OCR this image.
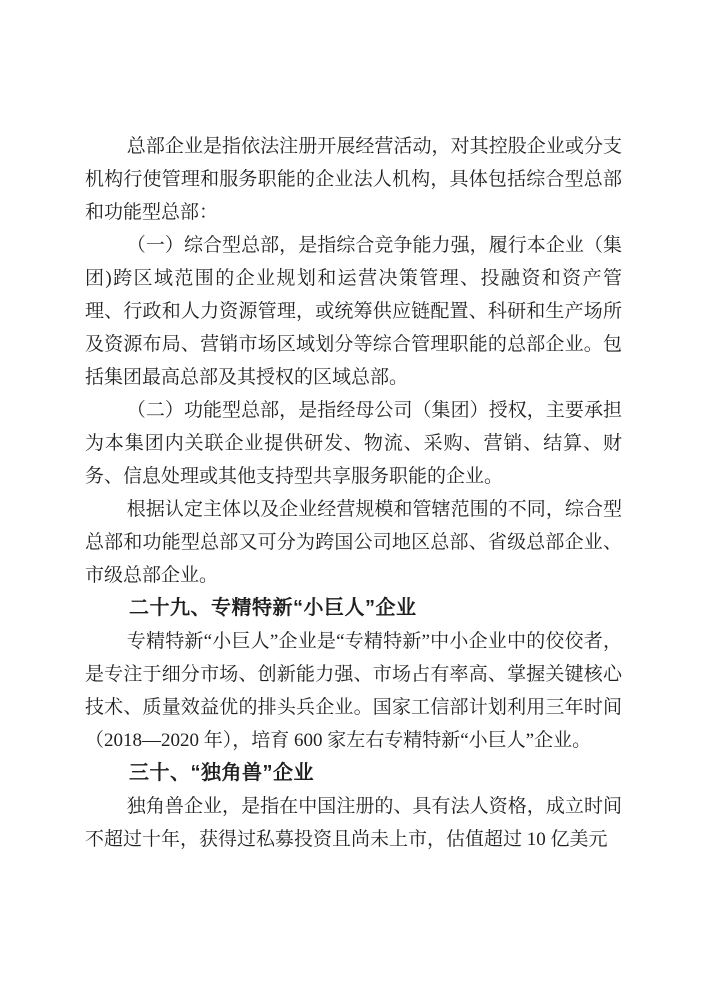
总部企业是指依法注册开展经营活动，对其控股企业或分支机构行使管理和服务职能的企业法人机构，具体包括综合型总部和功能型总部：

（一）综合型总部，是指综合竞争能力强，履行本企业（集团)跨区域范围的企业规划和运营决策管理、投融资和资产管理、行政和人力资源管理，或统筹供应链配置、科研和生产场所及资源布局、营销市场区域划分等综合管理职能的总部企业。包括集团最高总部及其授权的区域总部。

（二）功能型总部，是指经母公司（集团）授权，主要承担为本集团内关联企业提供研发、物流、采购、营销、结算、财务、信息处理或其他支持型共享服务职能的企业。

根据认定主体以及企业经营规模和管辖范围的不同，综合型总部和功能型总部又可分为跨国公司地区总部、省级总部企业、市级总部企业。

二十九、专精特新“小巨人”企业

专精特新“小巨人”企业是“专精特新”中小企业中的佼佼者，是专注于细分市场、创新能力强、市场占有率高、掌握关键核心技术、质量效益优的排头兵企业。国家工信部计划利用三年时间（2018—2020 年），培育 600 家左右专精特新“小巨人”企业。

三十、“独角兽”企业

独角兽企业，是指在中国注册的、具有法人资格，成立时间不超过十年，获得过私募投资且尚未上市，估值超过 10 亿美元
